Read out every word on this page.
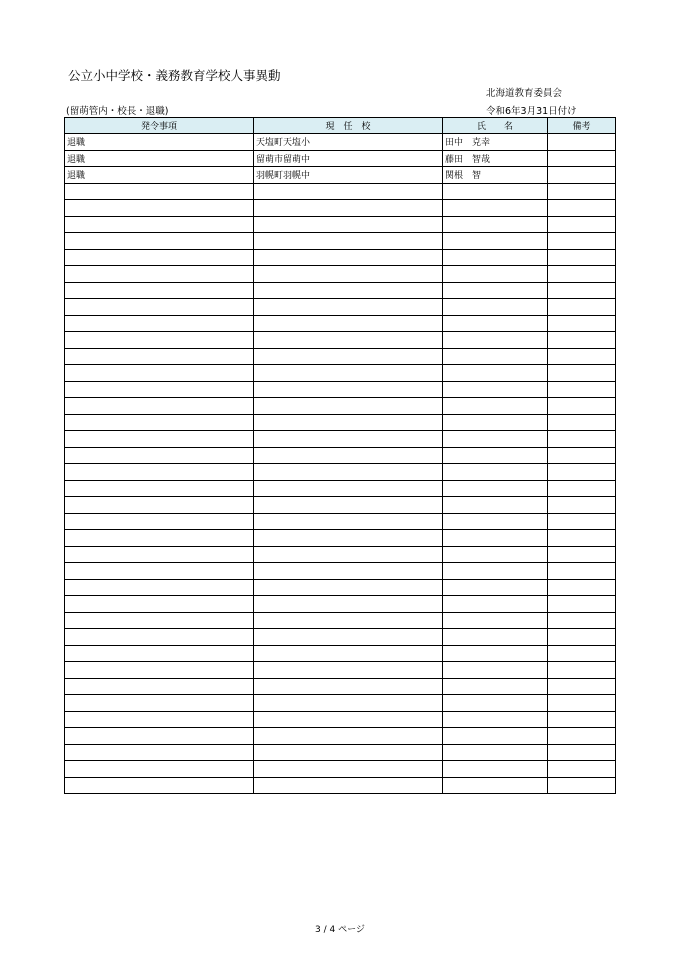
公立小中学校・義務教育学校人事異動
北海道教育委員会
(留萌管内・校長・退職)	令和6年3月31日付け
発令事項	現　任　校	氏　　名	備考
退職	天塩町天塩小	田中　克幸	
退職	留萌市留萌中	藤田　智哉	
退職	羽幌町羽幌中	関根　智	

3 / 4 ページ
